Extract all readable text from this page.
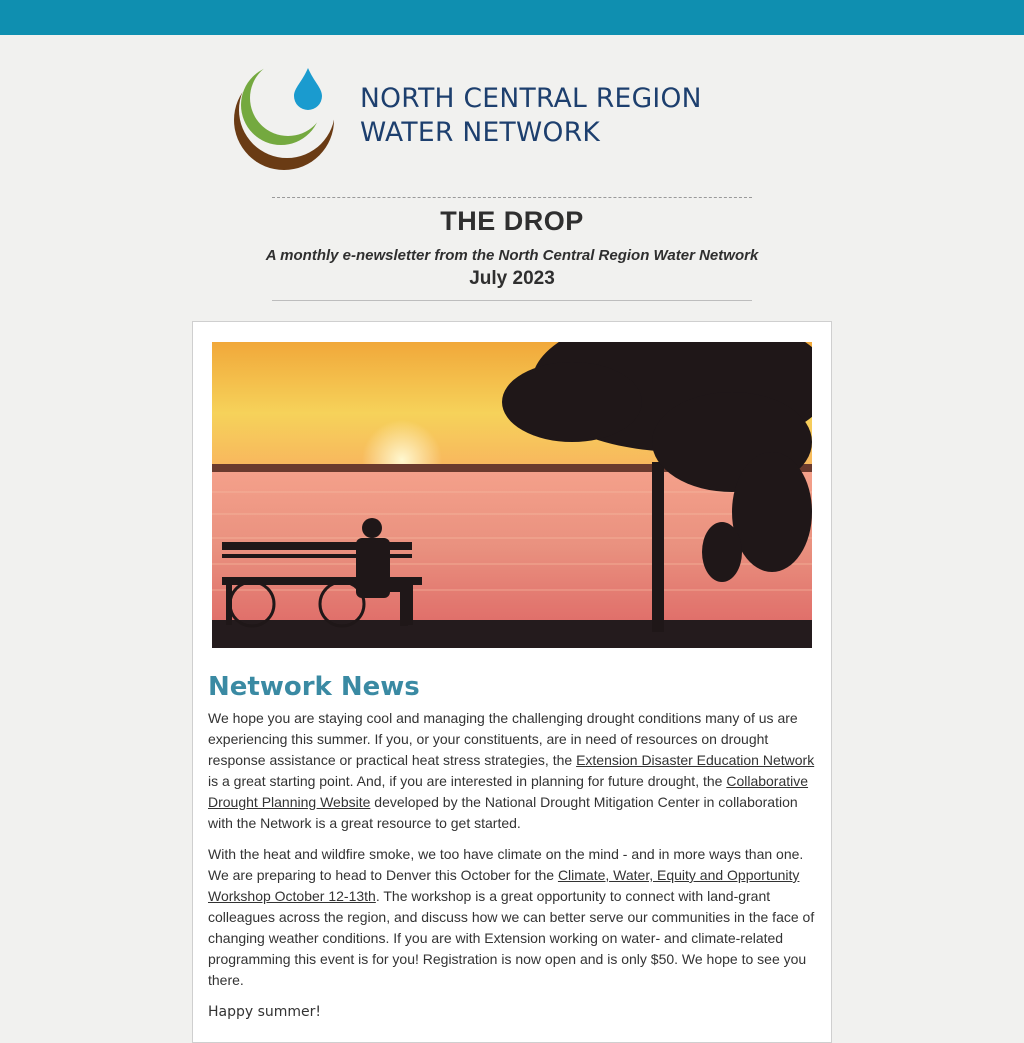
NORTH CENTRAL REGION
WATER NETWORK
THE DROP
A monthly e-newsletter from the North Central Region Water Network
July 2023
Network News
We hope you are staying cool and managing the challenging drought conditions many of us are experiencing this summer. If you, or your constituents, are in need of resources on drought response assistance or practical heat stress strategies, the Extension Disaster Education Network is a great starting point. And, if you are interested in planning for future drought, the Collaborative Drought Planning Website developed by the National Drought Mitigation Center in collaboration with the Network is a great resource to get started.
With the heat and wildfire smoke, we too have climate on the mind - and in more ways than one. We are preparing to head to Denver this October for the Climate, Water, Equity and Opportunity Workshop October 12-13th. The workshop is a great opportunity to connect with land-grant colleagues across the region, and discuss how we can better serve our communities in the face of changing weather conditions. If you are with Extension working on water- and climate-related programming this event is for you! Registration is now open and is only $50. We hope to see you there.
Happy summer!
